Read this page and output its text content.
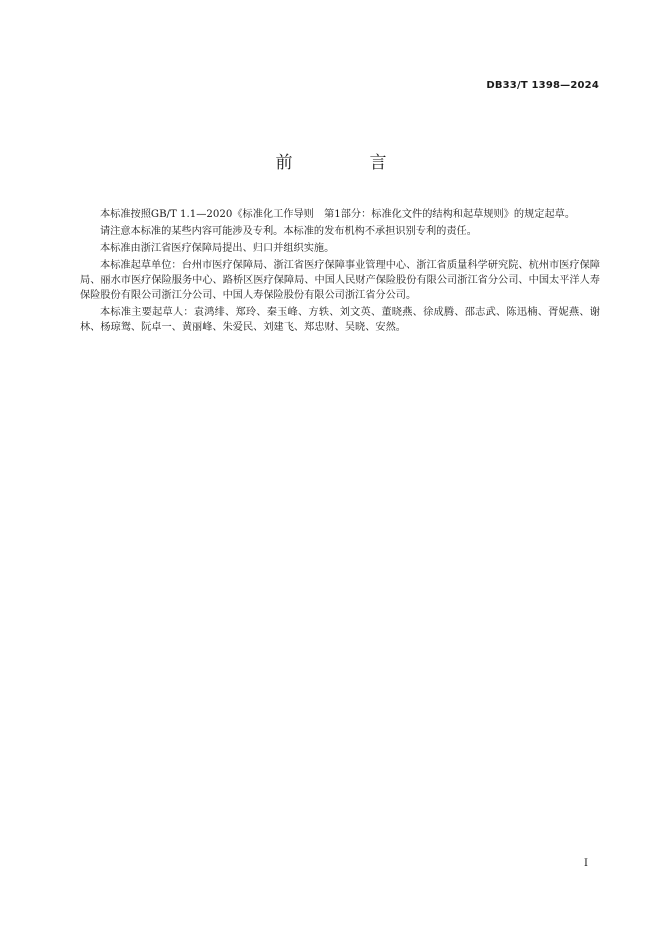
DB33/T 1398—2024
前　言

本标准按照GB/T 1.1—2020《标准化工作导则　第1部分：标准化文件的结构和起草规则》的规定起草。

请注意本标准的某些内容可能涉及专利。本标准的发布机构不承担识别专利的责任。

本标准由浙江省医疗保障局提出、归口并组织实施。

本标准起草单位：台州市医疗保障局、浙江省医疗保障事业管理中心、浙江省质量科学研究院、杭州市医疗保障局、丽水市医疗保险服务中心、路桥区医疗保障局、中国人民财产保险股份有限公司浙江省分公司、中国太平洋人寿保险股份有限公司浙江分公司、中国人寿保险股份有限公司浙江省分公司。

本标准主要起草人：袁鸿绯、郑玲、秦玉峰、方轶、刘文英、董晓燕、徐成腾、邵志武、陈迅楠、胥妮燕、谢林、杨琼鸳、阮卓一、黄丽峰、朱爱民、刘建飞、郑忠财、吴晓、安然。

I
